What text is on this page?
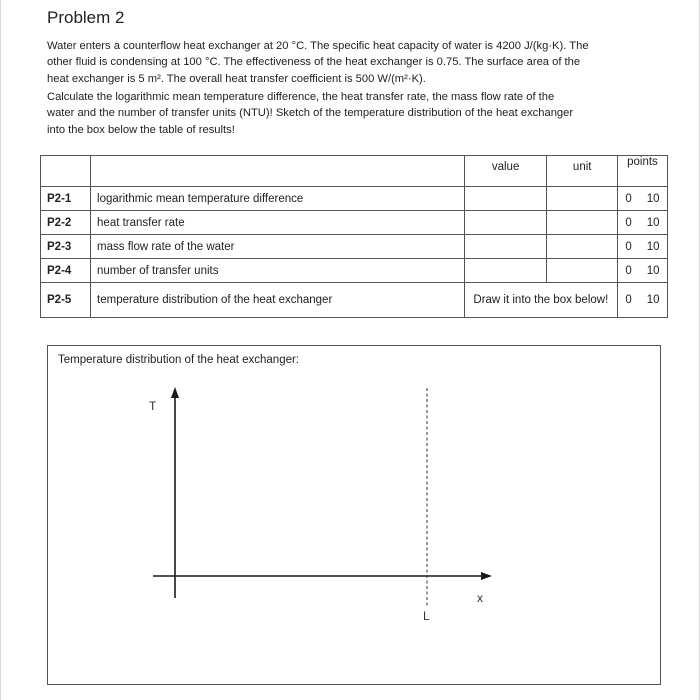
Problem 2
Water enters a counterflow heat exchanger at 20 °C. The specific heat capacity of water is 4200 J/(kg·K). The
other fluid is condensing at 100 °C. The effectiveness of the heat exchanger is 0.75. The surface area of the
heat exchanger is 5 m². The overall heat transfer coefficient is 500 W/(m²·K).
Calculate the logarithmic mean temperature difference, the heat transfer rate, the mass flow rate of the
water and the number of transfer units (NTU)! Sketch of the temperature distribution of the heat exchanger
into the box below the table of results!
		value	unit	points
P2-1	logarithmic mean temperature difference			0 10

P2-2	heat transfer rate			0 10

P2-3	mass flow rate of the water			0 10

P2-4	number of transfer units			0 10

P2-5	temperature distribution of the heat exchanger	Draw it into the box below!		0 10
Temperature distribution of the heat exchanger:
T
x
L
